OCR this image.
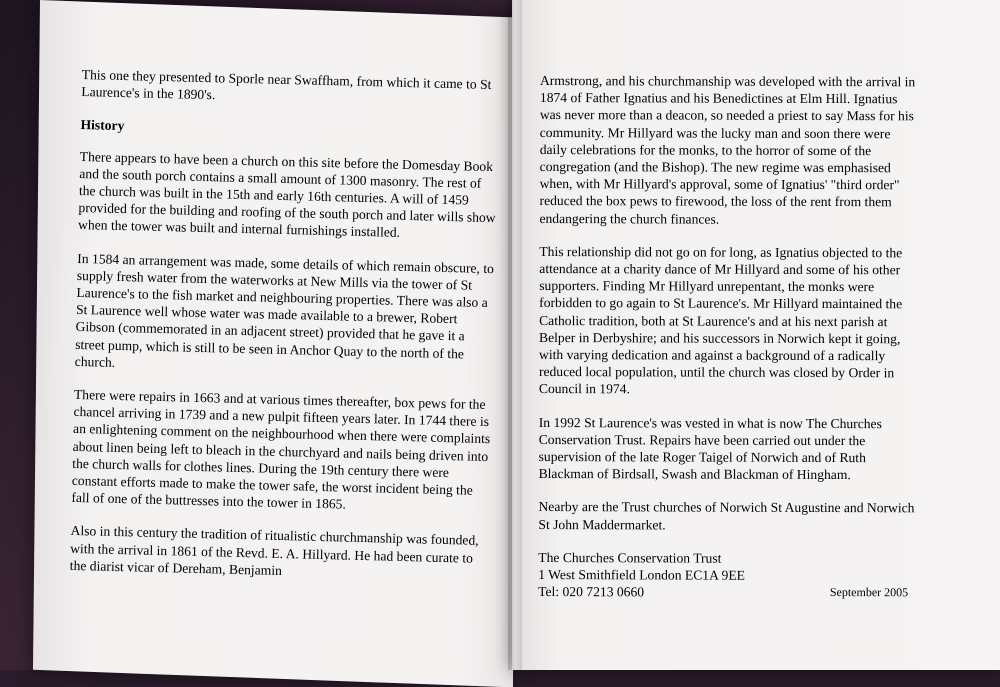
This one they presented to Sporle near Swaffham, from which it came to St Laurence's in the 1890's.

History

There appears to have been a church on this site before the Domesday Book and the south porch contains a small amount of 1300 masonry. The rest of the church was built in the 15th and early 16th centuries. A will of 1459 provided for the building and roofing of the south porch and later wills show when the tower was built and internal furnishings installed.

In 1584 an arrangement was made, some details of which remain obscure, to supply fresh water from the waterworks at New Mills via the tower of St Laurence's to the fish market and neighbouring properties. There was also a St Laurence well whose water was made available to a brewer, Robert Gibson (commemorated in an adjacent street) provided that he gave it a street pump, which is still to be seen in Anchor Quay to the north of the church.

There were repairs in 1663 and at various times thereafter, box pews for the chancel arriving in 1739 and a new pulpit fifteen years later. In 1744 there is an enlightening comment on the neighbourhood when there were complaints about linen being left to bleach in the churchyard and nails being driven into the church walls for clothes lines. During the 19th century there were constant efforts made to make the tower safe, the worst incident being the fall of one of the buttresses into the tower in 1865.

Also in this century the tradition of ritualistic churchmanship was founded, with the arrival in 1861 of the Revd. E. A. Hillyard. He had been curate to the diarist vicar of Dereham, Benjamin

Armstrong, and his churchmanship was developed with the arrival in 1874 of Father Ignatius and his Benedictines at Elm Hill. Ignatius was never more than a deacon, so needed a priest to say Mass for his community. Mr Hillyard was the lucky man and soon there were daily celebrations for the monks, to the horror of some of the congregation (and the Bishop). The new regime was emphasised when, with Mr Hillyard's approval, some of Ignatius' "third order" reduced the box pews to firewood, the loss of the rent from them endangering the church finances.

This relationship did not go on for long, as Ignatius objected to the attendance at a charity dance of Mr Hillyard and some of his other supporters. Finding Mr Hillyard unrepentant, the monks were forbidden to go again to St Laurence's. Mr Hillyard maintained the Catholic tradition, both at St Laurence's and at his next parish at Belper in Derbyshire; and his successors in Norwich kept it going, with varying dedication and against a background of a radically reduced local population, until the church was closed by Order in Council in 1974.

In 1992 St Laurence's was vested in what is now The Churches Conservation Trust. Repairs have been carried out under the supervision of the late Roger Taigel of Norwich and of Ruth Blackman of Birdsall, Swash and Blackman of Hingham.

Nearby are the Trust churches of Norwich St Augustine and Norwich St John Maddermarket.

The Churches Conservation Trust

1 West Smithfield London EC1A 9EE

Tel: 020 7213 0660	September 2005
